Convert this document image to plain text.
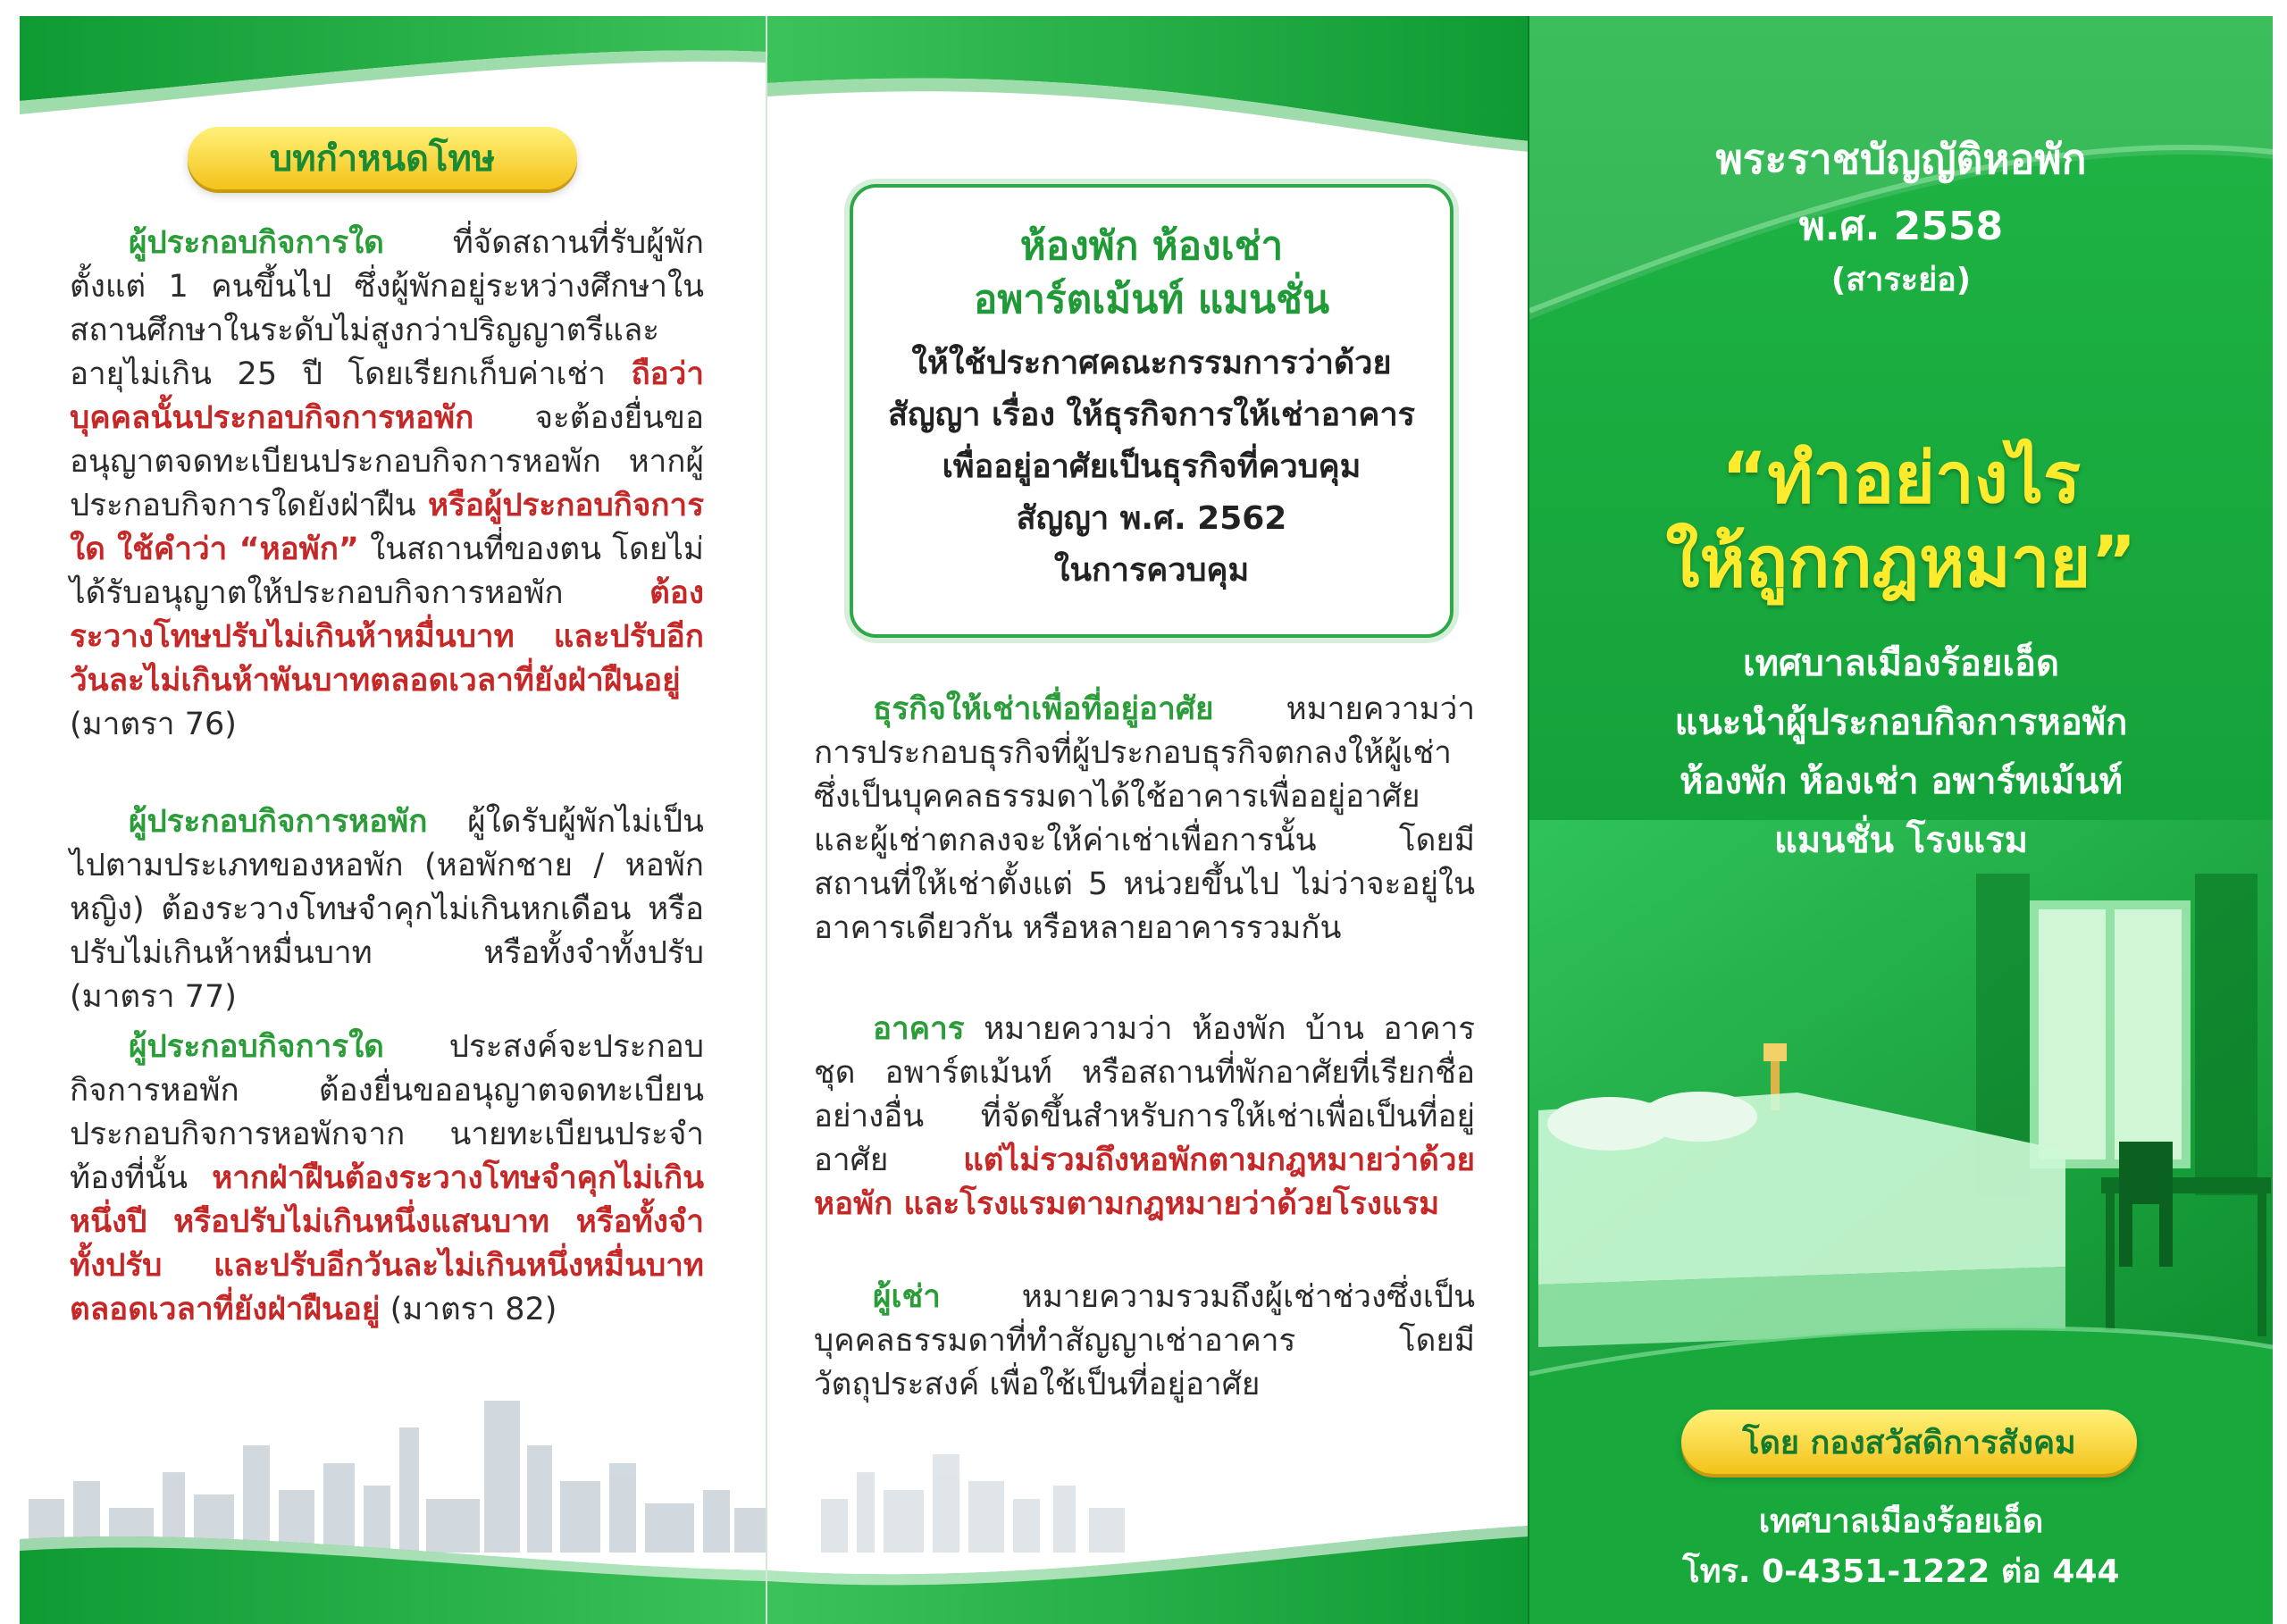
บทกำหนดโทษ

ผู้ประกอบกิจการใด ที่จัดสถานที่รับผู้พักตั้งแต่ 1 คนขึ้นไป ซึ่งผู้พักอยู่ระหว่างศึกษาในสถานศึกษาในระดับไม่สูงกว่าปริญญาตรีและอายุไม่เกิน 25 ปี โดยเรียกเก็บค่าเช่า ถือว่าบุคคลนั้นประกอบกิจการหอพัก จะต้องยื่นขออนุญาตจดทะเบียนประกอบกิจการหอพัก หากผู้ประกอบกิจการใดยังฝ่าฝืน หรือผู้ประกอบกิจการใด ใช้คำว่า “หอพัก” ในสถานที่ของตน โดยไม่ได้รับอนุญาตให้ประกอบกิจการหอพัก ต้องระวางโทษปรับไม่เกินห้าหมื่นบาท และปรับอีกวันละไม่เกินห้าพันบาทตลอดเวลาที่ยังฝ่าฝืนอยู่ (มาตรา 76)

ผู้ประกอบกิจการหอพัก ผู้ใดรับผู้พักไม่เป็นไปตามประเภทของหอพัก (หอพักชาย / หอพักหญิง) ต้องระวางโทษจำคุกไม่เกินหกเดือน หรือปรับไม่เกินห้าหมื่นบาท หรือทั้งจำทั้งปรับ (มาตรา 77)

ผู้ประกอบกิจการใด ประสงค์จะประกอบกิจการหอพัก ต้องยื่นขออนุญาตจดทะเบียนประกอบกิจการหอพักจาก นายทะเบียนประจำท้องที่นั้น หากฝ่าฝืนต้องระวางโทษจำคุกไม่เกินหนึ่งปี หรือปรับไม่เกินหนึ่งแสนบาท หรือทั้งจำ ทั้งปรับ และปรับอีกวันละไม่เกินหนึ่งหมื่นบาทตลอดเวลาที่ยังฝ่าฝืนอยู่ (มาตรา 82)

ห้องพัก ห้องเช่า
อพาร์ตเม้นท์ แมนชั่น
ให้ใช้ประกาศคณะกรรมการว่าด้วย
สัญญา เรื่อง ให้ธุรกิจการให้เช่าอาคาร
เพื่ออยู่อาศัยเป็นธุรกิจที่ควบคุม
สัญญา พ.ศ. 2562
ในการควบคุม

ธุรกิจให้เช่าเพื่อที่อยู่อาศัย หมายความว่า การประกอบธุรกิจที่ผู้ประกอบธุรกิจตกลงให้ผู้เช่า ซึ่งเป็นบุคคลธรรมดาได้ใช้อาคารเพื่ออยู่อาศัย และผู้เช่าตกลงจะให้ค่าเช่าเพื่อการนั้น โดยมีสถานที่ให้เช่าตั้งแต่ 5 หน่วยขึ้นไป ไม่ว่าจะอยู่ในอาคารเดียวกัน หรือหลายอาคารรวมกัน

อาคาร หมายความว่า ห้องพัก บ้าน อาคารชุด อพาร์ตเม้นท์ หรือสถานที่พักอาศัยที่เรียกชื่ออย่างอื่น ที่จัดขึ้นสำหรับการให้เช่าเพื่อเป็นที่อยู่อาศัย แต่ไม่รวมถึงหอพักตามกฎหมายว่าด้วยหอพัก และโรงแรมตามกฎหมายว่าด้วยโรงแรม

ผู้เช่า หมายความรวมถึงผู้เช่าช่วงซึ่งเป็นบุคคลธรรมดาที่ทำสัญญาเช่าอาคาร โดยมีวัตถุประสงค์ เพื่อใช้เป็นที่อยู่อาศัย

พระราชบัญญัติหอพัก
พ.ศ. 2558
(สาระย่อ)
“ทำอย่างไร
ให้ถูกกฎหมาย”
เทศบาลเมืองร้อยเอ็ด
แนะนำผู้ประกอบกิจการหอพัก
ห้องพัก ห้องเช่า อพาร์ทเม้นท์
แมนชั่น โรงแรม
โดย กองสวัสดิการสังคม
เทศบาลเมืองร้อยเอ็ด
โทร. 0-4351-1222 ต่อ 444
